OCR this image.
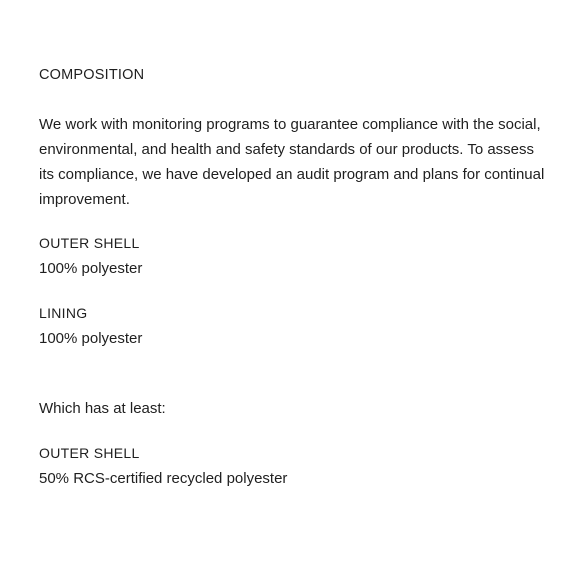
COMPOSITION
We work with monitoring programs to guarantee compliance with the social, environmental, and health and safety standards of our products. To assess its compliance, we have developed an audit program and plans for continual improvement.
OUTER SHELL
100% polyester
LINING
100% polyester
Which has at least:
OUTER SHELL
50% RCS-certified recycled polyester
